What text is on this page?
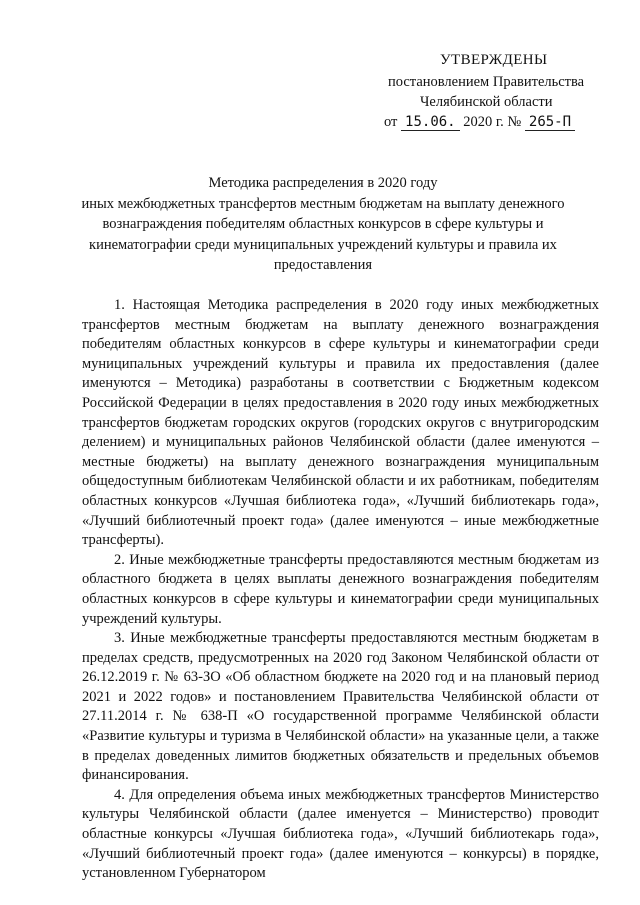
УТВЕРЖДЕНЫ
постановлением Правительства
Челябинской области
от 15.06. 2020 г. № 265-П
Методика распределения в 2020 году
иных межбюджетных трансфертов местным бюджетам на выплату денежного
вознаграждения победителям областных конкурсов в сфере культуры и
кинематографии среди муниципальных учреждений культуры и правила их
предоставления

1. Настоящая Методика распределения в 2020 году иных межбюджетных трансфертов местным бюджетам на выплату денежного вознаграждения победителям областных конкурсов в сфере культуры и кинематографии среди муниципальных учреждений культуры и правила их предоставления (далее именуются – Методика) разработаны в соответствии с Бюджетным кодексом Российской Федерации в целях предоставления в 2020 году иных межбюджетных трансфертов бюджетам городских округов (городских округов с внутригородским делением) и муниципальных районов Челябинской области (далее именуются – местные бюджеты) на выплату денежного вознаграждения муниципальным общедоступным библиотекам Челябинской области и их работникам, победителям областных конкурсов «Лучшая библиотека года», «Лучший библиотекарь года», «Лучший библиотечный проект года» (далее именуются – иные межбюджетные трансферты).

2. Иные межбюджетные трансферты предоставляются местным бюджетам из областного бюджета в целях выплаты денежного вознаграждения победителям областных конкурсов в сфере культуры и кинематографии среди муниципальных учреждений культуры.

3. Иные межбюджетные трансферты предоставляются местным бюджетам в пределах средств, предусмотренных на 2020 год Законом Челябинской области от 26.12.2019 г. № 63-ЗО «Об областном бюджете на 2020 год и на плановый период 2021 и 2022 годов» и постановлением Правительства Челябинской области от 27.11.2014 г. № 638-П «О государственной программе Челябинской области «Развитие культуры и туризма в Челябинской области» на указанные цели, а также в пределах доведенных лимитов бюджетных обязательств и предельных объемов финансирования.

4. Для определения объема иных межбюджетных трансфертов Министерство культуры Челябинской области (далее именуется – Министерство) проводит областные конкурсы «Лучшая библиотека года», «Лучший библиотекарь года», «Лучший библиотечный проект года» (далее именуются – конкурсы) в порядке, установленном Губернатором
